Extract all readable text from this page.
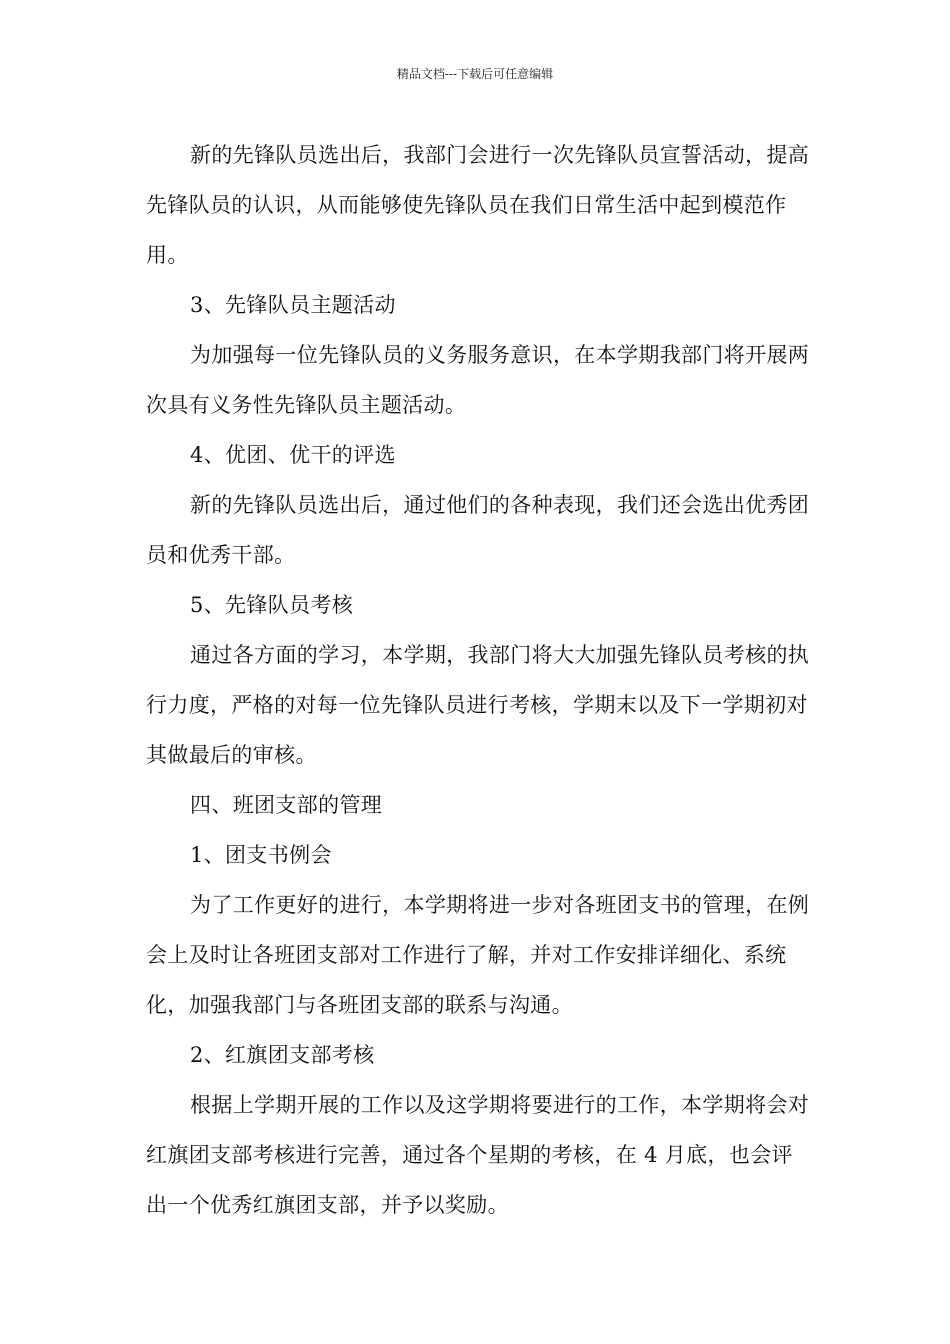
精品文档---下载后可任意编辑

新的先锋队员选出后，我部门会进行一次先锋队员宣誓活动，提高先锋队员的认识，从而能够使先锋队员在我们日常生活中起到模范作用。

3、先锋队员主题活动

为加强每一位先锋队员的义务服务意识，在本学期我部门将开展两次具有义务性先锋队员主题活动。

4、优团、优干的评选

新的先锋队员选出后，通过他们的各种表现，我们还会选出优秀团员和优秀干部。

5、先锋队员考核

通过各方面的学习，本学期，我部门将大大加强先锋队员考核的执行力度，严格的对每一位先锋队员进行考核，学期末以及下一学期初对其做最后的审核。

四、班团支部的管理

1、团支书例会

为了工作更好的进行，本学期将进一步对各班团支书的管理，在例会上及时让各班团支部对工作进行了解，并对工作安排详细化、系统化，加强我部门与各班团支部的联系与沟通。

2、红旗团支部考核

根据上学期开展的工作以及这学期将要进行的工作，本学期将会对红旗团支部考核进行完善，通过各个星期的考核，在 4 月底，也会评出一个优秀红旗团支部，并予以奖励。
